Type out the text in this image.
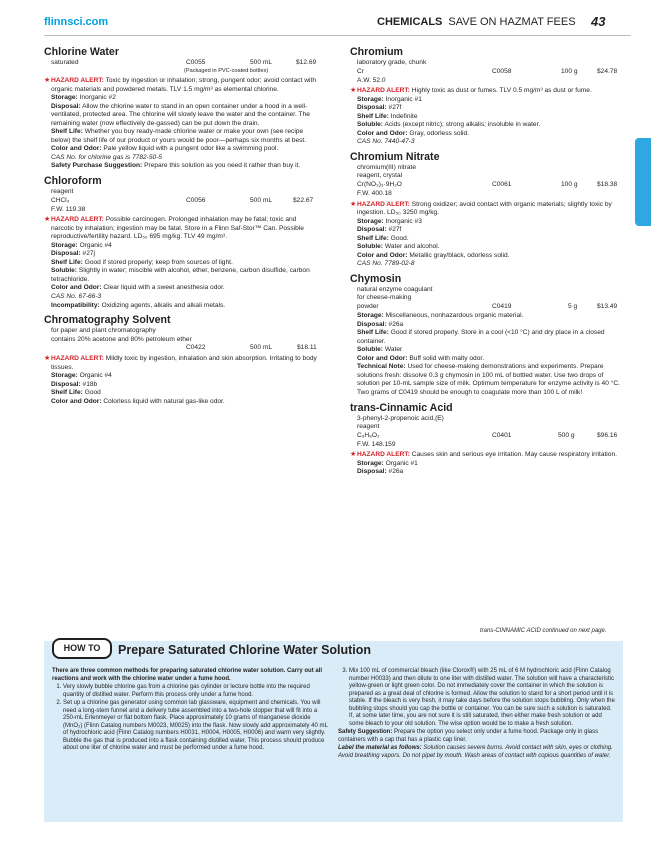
flinnsci.com	CHEMICALS SAVE ON HAZMAT FEES 43
Chlorine Water
saturated	C0055	500 mL	$12.69
(Packaged in PVC-coated bottles)
★ HAZARD ALERT: Toxic by ingestion or inhalation; strong, pungent odor; avoid contact with organic materials and powdered metals. TLV 1.5 mg/m³ as elemental chlorine.
Storage: Inorganic #2
Disposal: Allow the chlorine water to stand in an open container under a hood in a well-ventilated, protected area. The chlorine will slowly leave the water and the container. The remaining water (now effectively de-gassed) can be put down the drain.
Shelf Life: Whether you buy ready-made chlorine water or make your own (see recipe below) the shelf life of our product or yours would be poor—perhaps six months at best.
Color and Odor: Pale yellow liquid with a pungent odor like a swimming pool.
CAS No. for chlorine gas is 7782-50-5
Safety Purchase Suggestion: Prepare this solution as you need it rather than buy it.
Chloroform
reagent
CHCl₃	C0056	500 mL	$22.67
F.W. 119.38
★ HAZARD ALERT: Possible carcinogen. Prolonged inhalation may be fatal; toxic and narcotic by inhalation; ingestion may be fatal. Store in a Flinn Saf-Stor™ Can. Possible reproductive/fertility hazard. LD₅₀ 695 mg/kg. TLV 49 mg/m³.
Storage: Organic #4
Disposal: #27j
Shelf Life: Good if stored properly; keep from sources of light.
Soluble: Slightly in water; miscible with alcohol, ether, benzene, carbon disulfide, carbon tetrachloride.
Color and Odor: Clear liquid with a sweet anesthesia odor.
CAS No. 67-66-3
Incompatibility: Oxidizing agents, alkalis and alkali metals.
Chromatography Solvent
for paper and plant chromatography
contains 20% acetone and 80% petroleum ether
C0422	500 mL	$18.11
★ HAZARD ALERT: Mildly toxic by ingestion, inhalation and skin absorption. Irritating to body tissues.
Storage: Organic #4
Disposal: #18b
Shelf Life: Good
Color and Odor: Colorless liquid with natural gas-like odor.
Chromium
laboratory grade, chunk
Cr	C0058	100 g	$24.78
A.W. 52.0
★ HAZARD ALERT: Highly toxic as dust or fumes. TLV 0.5 mg/m³ as dust or fume.
Storage: Inorganic #1
Disposal: #27f
Shelf Life: Indefinite
Soluble: Acids (except nitric); strong alkalis; insoluble in water.
Color and Odor: Gray, odorless solid.
CAS No. 7440-47-3
Chromium Nitrate
chromium(III) nitrate
reagent, crystal
Cr(NO₃)₃·9H₂O	C0061	100 g	$18.38
F.W. 400.18
★ HAZARD ALERT: Strong oxidizer; avoid contact with organic materials; slightly toxic by ingestion. LD₅₀ 3250 mg/kg.
Storage: Inorganic #3
Disposal: #27f
Shelf Life: Good.
Soluble: Water and alcohol.
Color and Odor: Metallic gray/black, odorless solid.
CAS No. 7789-02-8
Chymosin
natural enzyme coagulant
for cheese-making
powder	C0419	5 g	$13.49
Storage: Miscellaneous, nonhazardous organic material.
Disposal: #26a
Shelf Life: Good if stored properly. Store in a cool (<10 °C) and dry place in a closed container.
Soluble: Water
Color and Odor: Buff solid with malty odor.
Technical Note: Used for cheese-making demonstrations and experiments. Prepare solutions fresh: dissolve 0.3 g chymosin in 100 mL of bottled water. Use two drops of solution per 10-mL sample size of milk. Optimum temperature for enzyme activity is 40 °C. Two grams of C0419 should be enough to coagulate more than 100 L of milk!
trans-Cinnamic Acid
3-phenyl-2-propenoic acid,(E)
reagent
C₉H₈O₂	C0401	500 g	$96.16
F.W. 148.159
★ HAZARD ALERT: Causes skin and serious eye irritation. May cause respiratory irritation.
Storage: Organic #1
Disposal: #26a
trans-CINNAMIC ACID continued on next page.
HOW TO	Prepare Saturated Chlorine Water Solution

There are three common methods for preparing saturated chlorine water solution. Carry out all reactions and work with the chlorine water under a fume hood.

1. Very slowly bubble chlorine gas from a chlorine gas cylinder or lecture bottle into the required quantity of distilled water. Perform this process only under a fume hood.
2. Set up a chlorine gas generator using common lab glassware, equipment and chemicals. You will need a long-stem funnel and a delivery tube assembled into a two-hole stopper that will fit into a 250-mL Erlenmeyer or flat bottom flask. Place approximately 10 grams of manganese dioxide (MnO₂) (Flinn Catalog numbers M0023, M0025) into the flask. Now slowly add approximately 40 mL of hydrochloric acid (Flinn Catalog numbers H0031, H0004, H0005, H0006) and warm very slightly. Bubble the gas that is produced into a flask containing distilled water. This process should produce about one liter of chlorine water and must be performed under a fume hood.
3. Mix 100 mL of commercial bleach (like Clorox®) with 25 mL of 6 M hydrochloric acid (Flinn Catalog number H0033) and then dilute to one liter with distilled water. The solution will have a characteristic yellow-green or light green color. Do not immediately cover the container in which the solution is prepared as a great deal of chlorine is formed. Allow the solution to stand for a short period until it is stable. If the bleach is very fresh, it may take days before the solution stops bubbling. Only when the bubbling stops should you cap the bottle or container. You can be sure such a solution is saturated. If, at some later time, you are not sure it is still saturated, then either make fresh solution or add some bleach to your old solution. The wise option would be to make a fresh solution.

Safety Suggestion: Prepare the option you select only under a fume hood. Package only in glass containers with a cap that has a plastic cap liner.

Label the material as follows: Solution causes severe burns. Avoid contact with skin, eyes or clothing. Avoid breathing vapors. Do not pipet by mouth. Wash areas of contact with copious quantities of water.
